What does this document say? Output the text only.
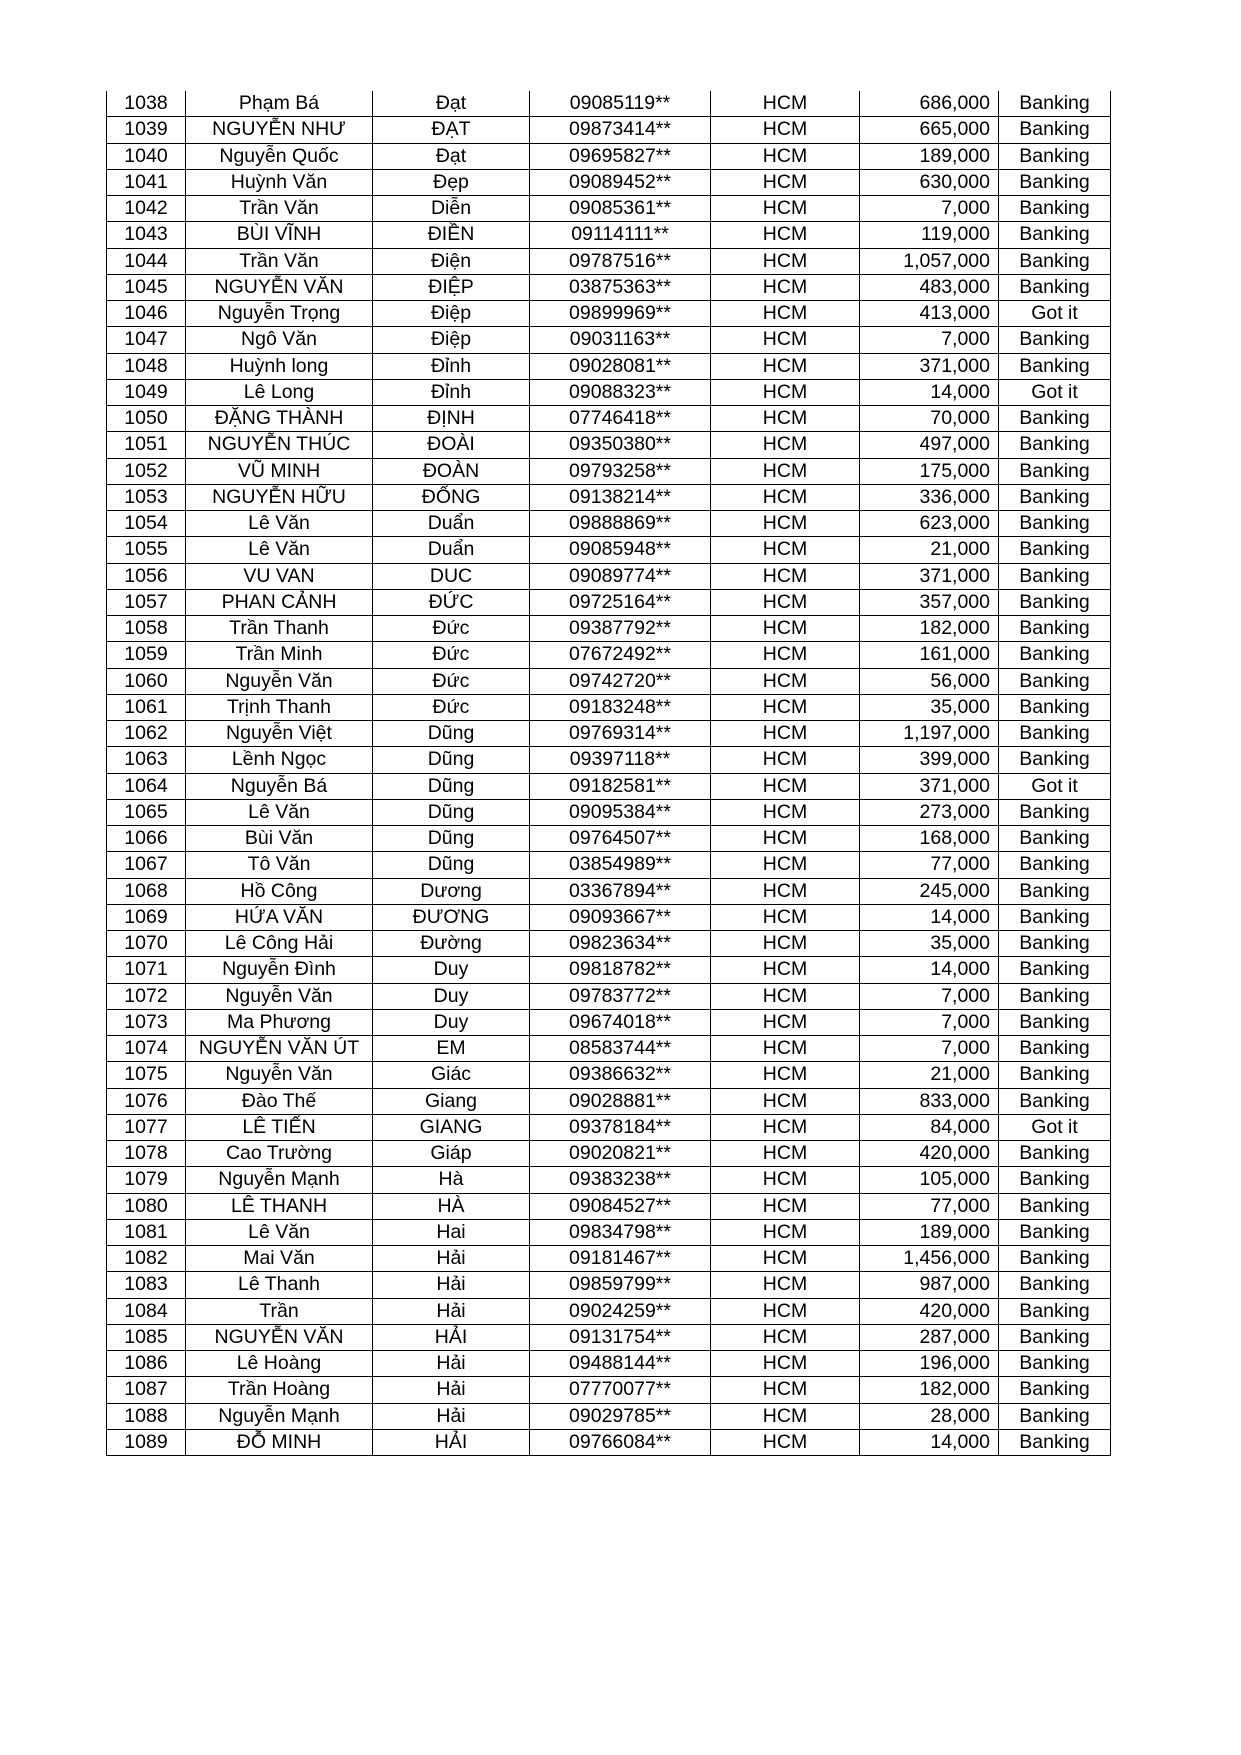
1038	Phạm Bá	Đạt	09085119**	HCM	686,000	Banking
1039	NGUYỄN NHƯ	ĐẠT	09873414**	HCM	665,000	Banking
1040	Nguyễn Quốc	Đạt	09695827**	HCM	189,000	Banking
1041	Huỳnh Văn	Đẹp	09089452**	HCM	630,000	Banking
1042	Trần Văn	Diễn	09085361**	HCM	7,000	Banking
1043	BÙI VĨNH	ĐIỀN	09114111**	HCM	119,000	Banking
1044	Trần Văn	Điện	09787516**	HCM	1,057,000	Banking
1045	NGUYỄN VĂN	ĐIỆP	03875363**	HCM	483,000	Banking
1046	Nguyễn Trọng	Điệp	09899969**	HCM	413,000	Got it
1047	Ngô Văn	Điệp	09031163**	HCM	7,000	Banking
1048	Huỳnh long	Đỉnh	09028081**	HCM	371,000	Banking
1049	Lê Long	Đỉnh	09088323**	HCM	14,000	Got it
1050	ĐẶNG THÀNH	ĐỊNH	07746418**	HCM	70,000	Banking
1051	NGUYỄN THÚC	ĐOÀI	09350380**	HCM	497,000	Banking
1052	VŨ MINH	ĐOÀN	09793258**	HCM	175,000	Banking
1053	NGUYỄN HỮU	ĐỐNG	09138214**	HCM	336,000	Banking
1054	Lê Văn	Duẩn	09888869**	HCM	623,000	Banking
1055	Lê Văn	Duẩn	09085948**	HCM	21,000	Banking
1056	VU VAN	DUC	09089774**	HCM	371,000	Banking
1057	PHAN CẢNH	ĐỨC	09725164**	HCM	357,000	Banking
1058	Trần Thanh	Đức	09387792**	HCM	182,000	Banking
1059	Trần Minh	Đức	07672492**	HCM	161,000	Banking
1060	Nguyễn Văn	Đức	09742720**	HCM	56,000	Banking
1061	Trịnh Thanh	Đức	09183248**	HCM	35,000	Banking
1062	Nguyễn Việt	Dũng	09769314**	HCM	1,197,000	Banking
1063	Lềnh Ngọc	Dũng	09397118**	HCM	399,000	Banking
1064	Nguyễn Bá	Dũng	09182581**	HCM	371,000	Got it
1065	Lê Văn	Dũng	09095384**	HCM	273,000	Banking
1066	Bùi Văn	Dũng	09764507**	HCM	168,000	Banking
1067	Tô Văn	Dũng	03854989**	HCM	77,000	Banking
1068	Hồ Công	Dương	03367894**	HCM	245,000	Banking
1069	HỨA VĂN	ĐƯƠNG	09093667**	HCM	14,000	Banking
1070	Lê Công Hải	Đường	09823634**	HCM	35,000	Banking
1071	Nguyễn Đình	Duy	09818782**	HCM	14,000	Banking
1072	Nguyễn Văn	Duy	09783772**	HCM	7,000	Banking
1073	Ma Phương	Duy	09674018**	HCM	7,000	Banking
1074	NGUYỄN VĂN ÚT	EM	08583744**	HCM	7,000	Banking
1075	Nguyễn Văn	Giác	09386632**	HCM	21,000	Banking
1076	Đào Thế	Giang	09028881**	HCM	833,000	Banking
1077	LÊ TIẾN	GIANG	09378184**	HCM	84,000	Got it
1078	Cao Trường	Giáp	09020821**	HCM	420,000	Banking
1079	Nguyễn Mạnh	Hà	09383238**	HCM	105,000	Banking
1080	LÊ THANH	HÀ	09084527**	HCM	77,000	Banking
1081	Lê Văn	Hai	09834798**	HCM	189,000	Banking
1082	Mai Văn	Hải	09181467**	HCM	1,456,000	Banking
1083	Lê Thanh	Hải	09859799**	HCM	987,000	Banking
1084	Trần	Hải	09024259**	HCM	420,000	Banking
1085	NGUYỄN VĂN	HẢI	09131754**	HCM	287,000	Banking
1086	Lê Hoàng	Hải	09488144**	HCM	196,000	Banking
1087	Trần Hoàng	Hải	07770077**	HCM	182,000	Banking
1088	Nguyễn Mạnh	Hải	09029785**	HCM	28,000	Banking
1089	ĐỖ MINH	HẢI	09766084**	HCM	14,000	Banking
